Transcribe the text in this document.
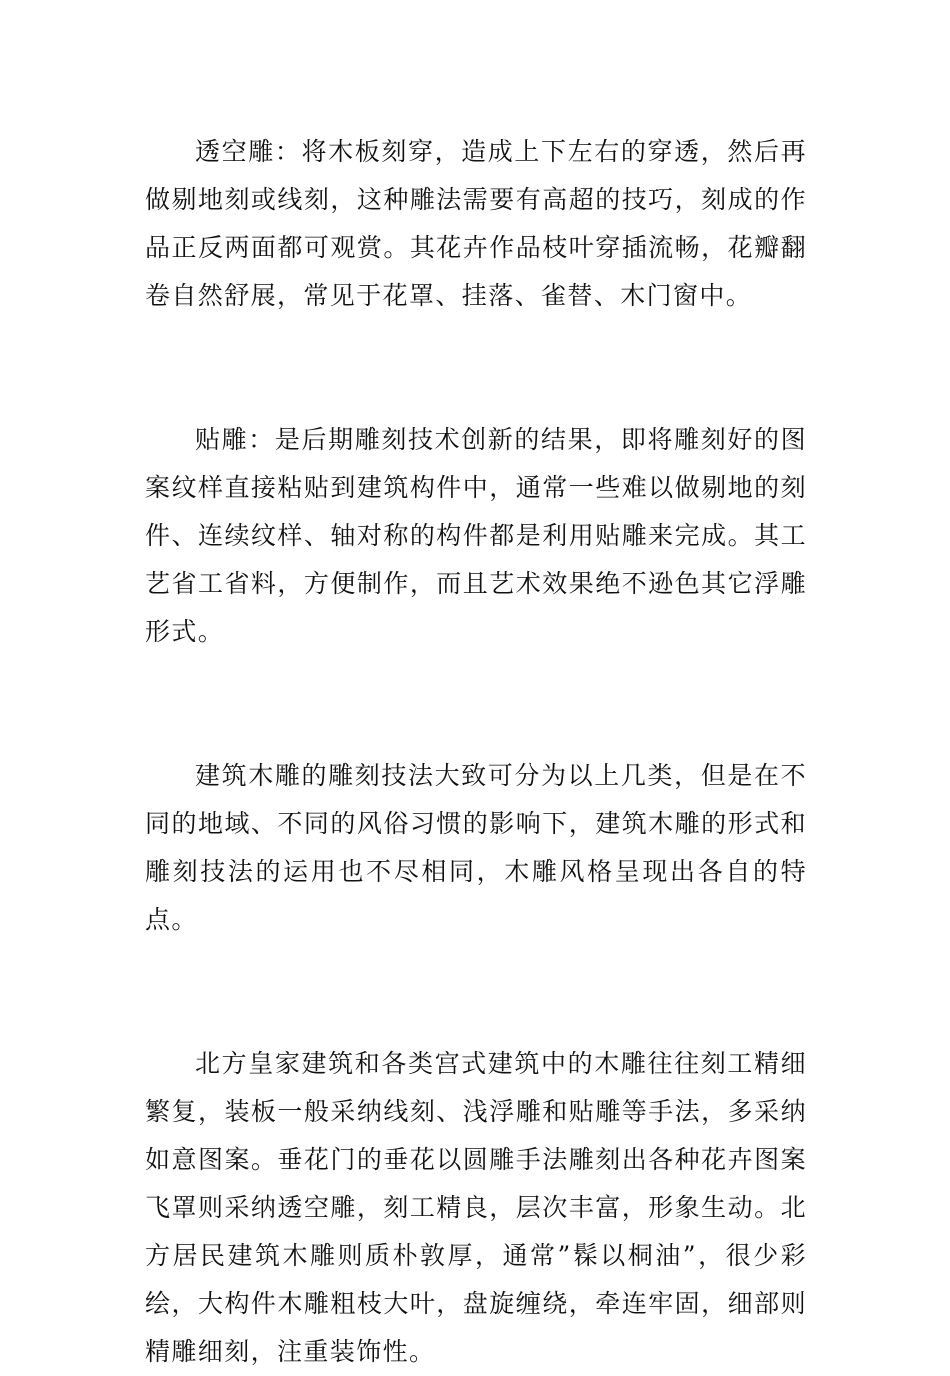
透空雕：将木板刻穿，造成上下左右的穿透，然后再做剔地刻或线刻，这种雕法需要有高超的技巧，刻成的作品正反两面都可观赏。其花卉作品枝叶穿插流畅，花瓣翻卷自然舒展，常见于花罩、挂落、雀替、木门窗中。

贴雕：是后期雕刻技术创新的结果，即将雕刻好的图案纹样直接粘贴到建筑构件中，通常一些难以做剔地的刻件、连续纹样、轴对称的构件都是利用贴雕来完成。其工艺省工省料，方便制作，而且艺术效果绝不逊色其它浮雕形式。

建筑木雕的雕刻技法大致可分为以上几类，但是在不同的地域、不同的风俗习惯的影响下，建筑木雕的形式和雕刻技法的运用也不尽相同，木雕风格呈现出各自的特点。

北方皇家建筑和各类宫式建筑中的木雕往往刻工精细繁复，装板一般采纳线刻、浅浮雕和贴雕等手法，多采纳如意图案。垂花门的垂花以圆雕手法雕刻出各种花卉图案飞罩则采纳透空雕，刻工精良，层次丰富，形象生动。北方居民建筑木雕则质朴敦厚，通常”髹以桐油”，很少彩绘，大构件木雕粗枝大叶，盘旋缠绕，牵连牢固，细部则精雕细刻，注重装饰性。
